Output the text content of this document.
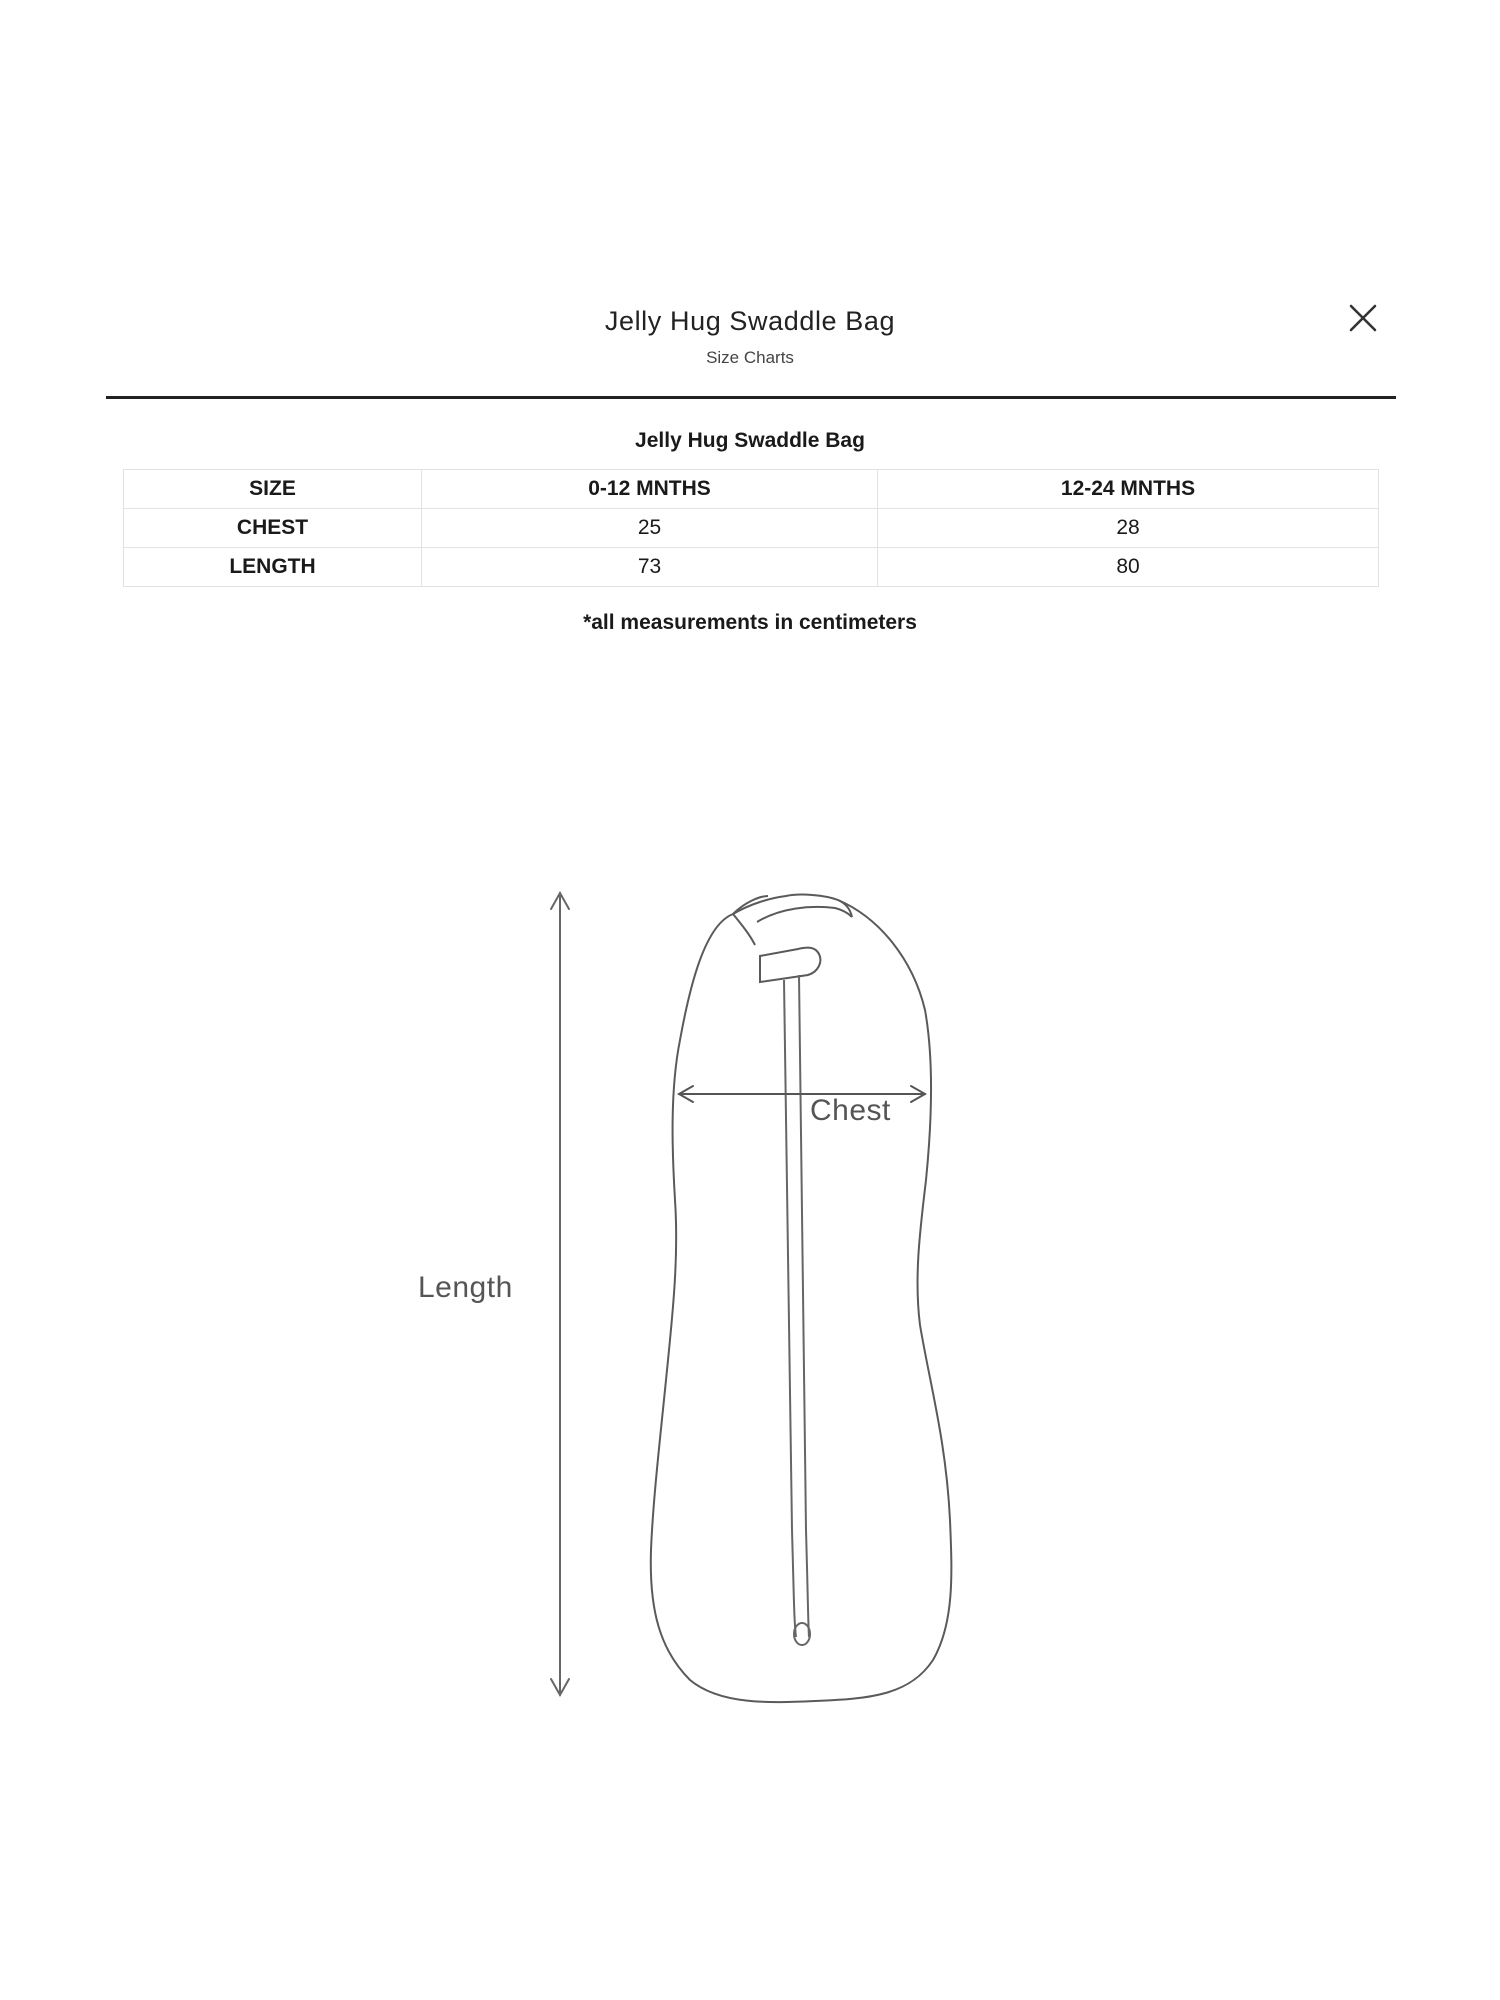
Jelly Hug Swaddle Bag
Size Charts
Jelly Hug Swaddle Bag
SIZE	0-12 MNTHS	12-24 MNTHS
CHEST	25	28
LENGTH	73	80
*all measurements in centimeters
Length
Chest
